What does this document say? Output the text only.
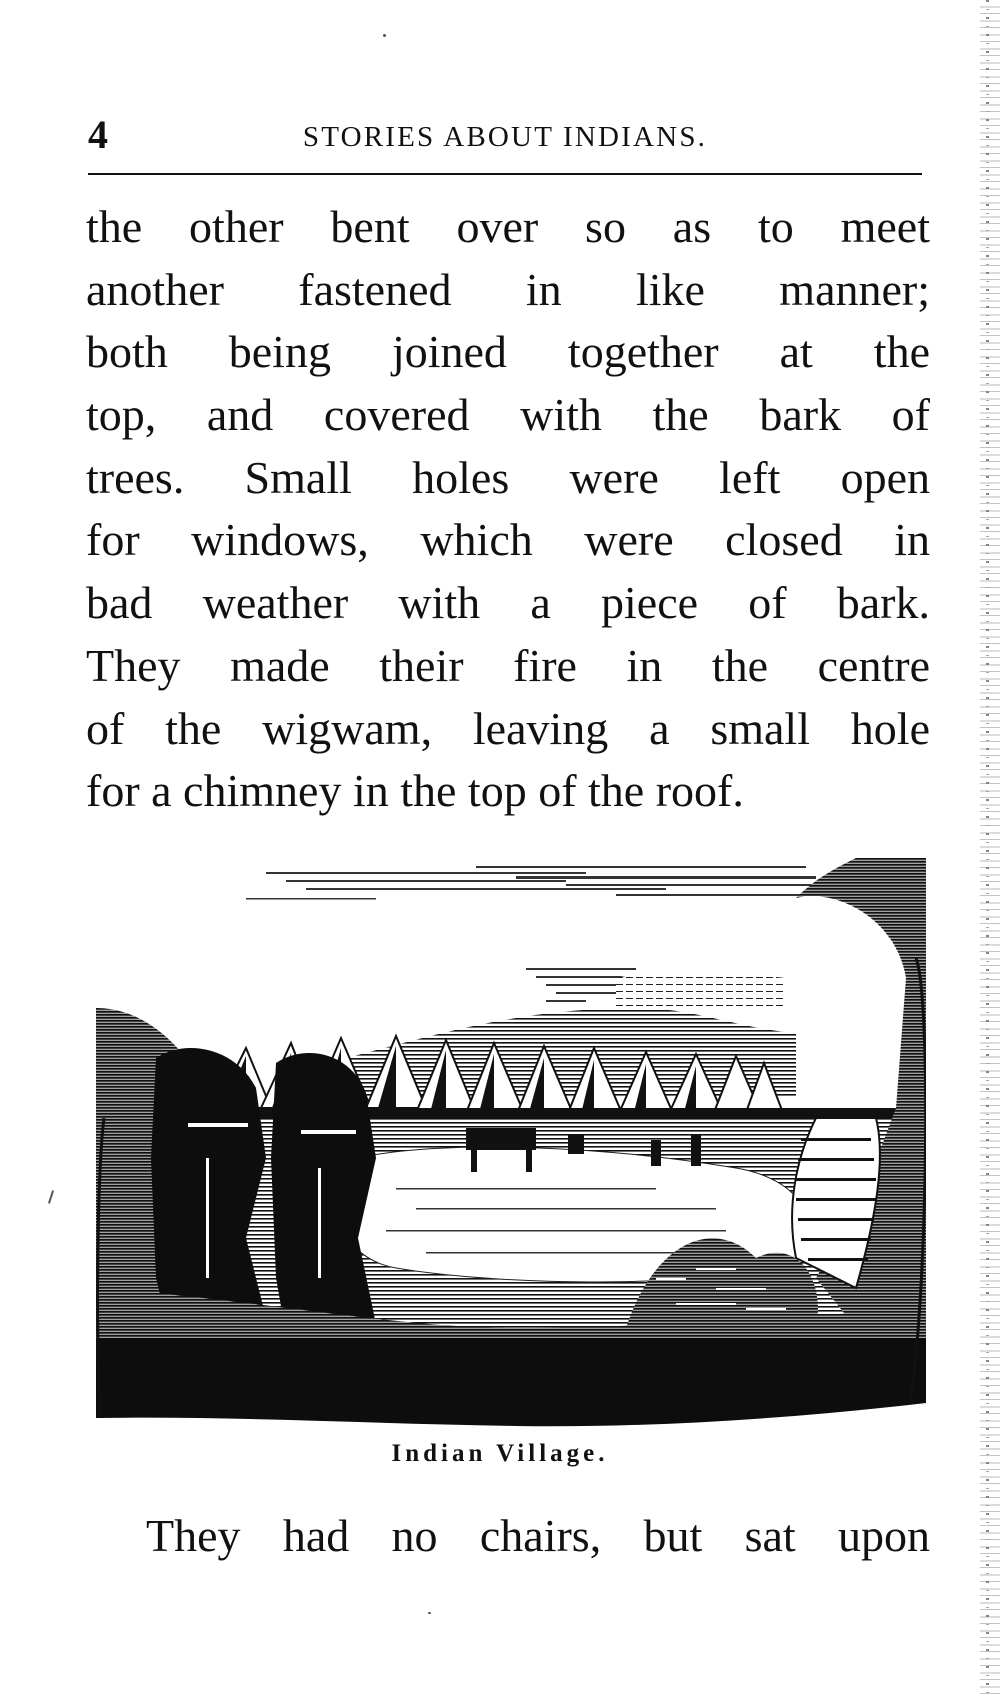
4	STORIES ABOUT INDIANS.
the other bent over so as to meet
another fastened in like manner;
both being joined together at the
top, and covered with the bark of
trees. Small holes were left open
for windows, which were closed in
bad weather with a piece of bark.
They made their fire in the centre
of the wigwam, leaving a small hole
for a chimney in the top of the roof.
Indian Village.
They had no chairs, but sat upon
